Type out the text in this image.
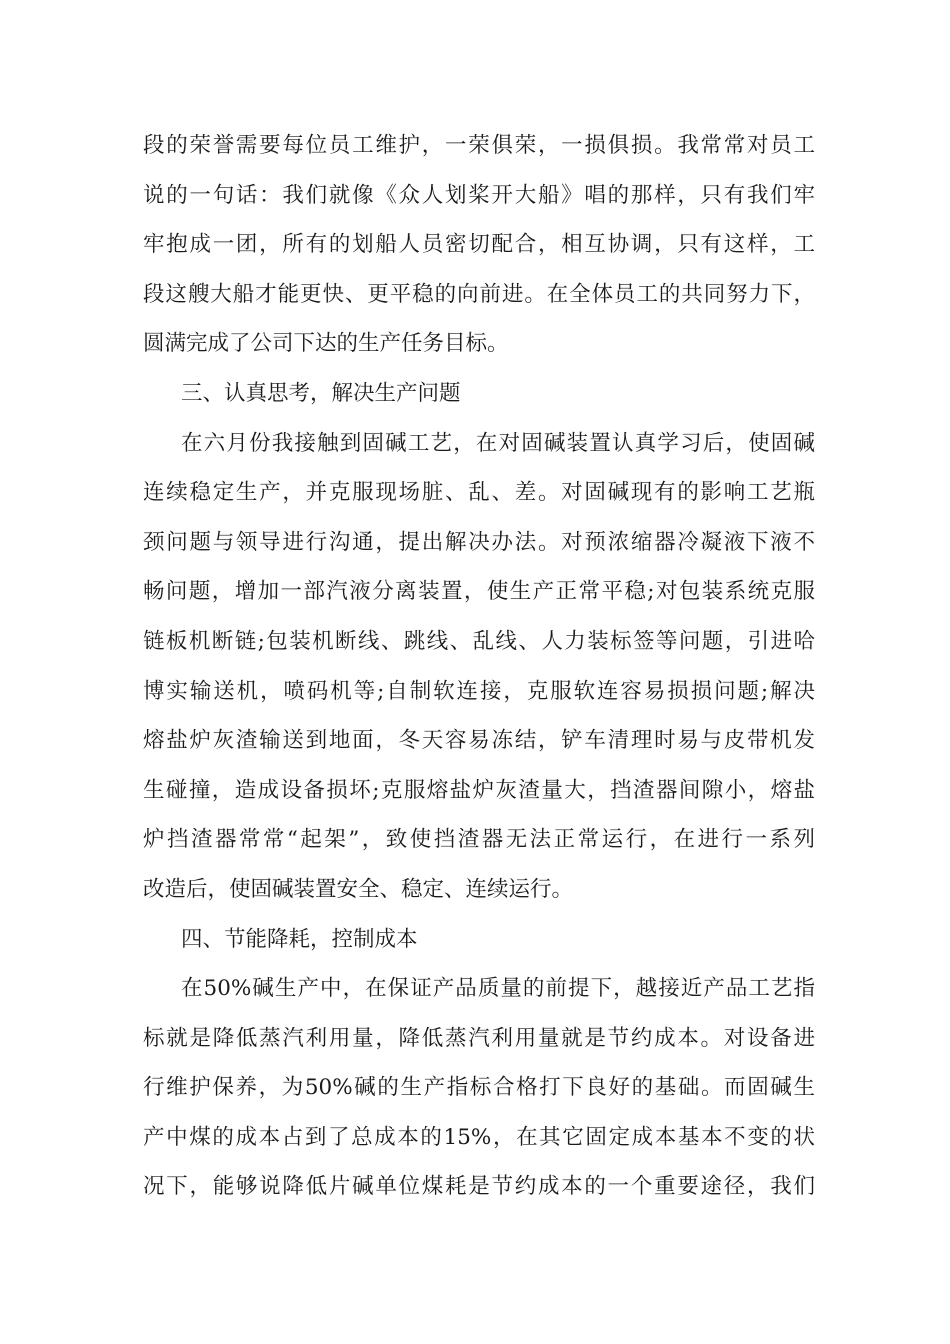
段的荣誉需要每位员工维护，一荣俱荣，一损俱损。我常常对员工
说的一句话：我们就像《众人划桨开大船》唱的那样，只有我们牢
牢抱成一团，所有的划船人员密切配合，相互协调，只有这样，工
段这艘大船才能更快、更平稳的向前进。在全体员工的共同努力下，
圆满完成了公司下达的生产任务目标。
三、认真思考，解决生产问题
在六月份我接触到固碱工艺，在对固碱装置认真学习后，使固碱
连续稳定生产，并克服现场脏、乱、差。对固碱现有的影响工艺瓶
颈问题与领导进行沟通，提出解决办法。对预浓缩器冷凝液下液不
畅问题，增加一部汽液分离装置，使生产正常平稳;对包装系统克服
链板机断链;包装机断线、跳线、乱线、人力装标签等问题，引进哈
博实输送机，喷码机等;自制软连接，克服软连容易损损问题;解决
熔盐炉灰渣输送到地面，冬天容易冻结，铲车清理时易与皮带机发
生碰撞，造成设备损坏;克服熔盐炉灰渣量大，挡渣器间隙小，熔盐
炉挡渣器常常“起架”，致使挡渣器无法正常运行，在进行一系列
改造后，使固碱装置安全、稳定、连续运行。
四、节能降耗，控制成本
在50%碱生产中，在保证产品质量的前提下，越接近产品工艺指
标就是降低蒸汽利用量，降低蒸汽利用量就是节约成本。对设备进
行维护保养，为50%碱的生产指标合格打下良好的基础。而固碱生
产中煤的成本占到了总成本的15%，在其它固定成本基本不变的状
况下，能够说降低片碱单位煤耗是节约成本的一个重要途径，我们
